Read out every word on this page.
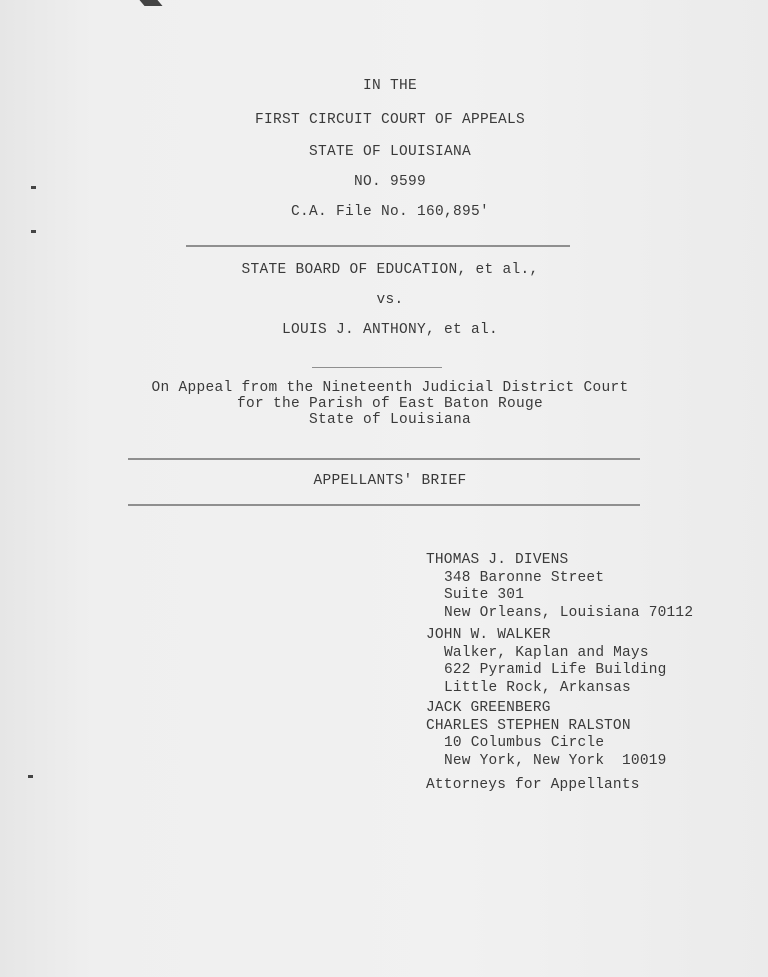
IN THE
FIRST CIRCUIT COURT OF APPEALS
STATE OF LOUISIANA
NO. 9599
C.A. File No. 160,895'
STATE BOARD OF EDUCATION, et al.,
vs.
LOUIS J. ANTHONY, et al.
On Appeal from the Nineteenth Judicial District Court
for the Parish of East Baton Rouge
State of Louisiana
APPELLANTS' BRIEF
THOMAS J. DIVENS
348 Baronne Street
Suite 301
New Orleans, Louisiana 70112
JOHN W. WALKER
Walker, Kaplan and Mays
622 Pyramid Life Building
Little Rock, Arkansas
JACK GREENBERG
CHARLES STEPHEN RALSTON
10 Columbus Circle
New York, New York  10019
Attorneys for Appellants
